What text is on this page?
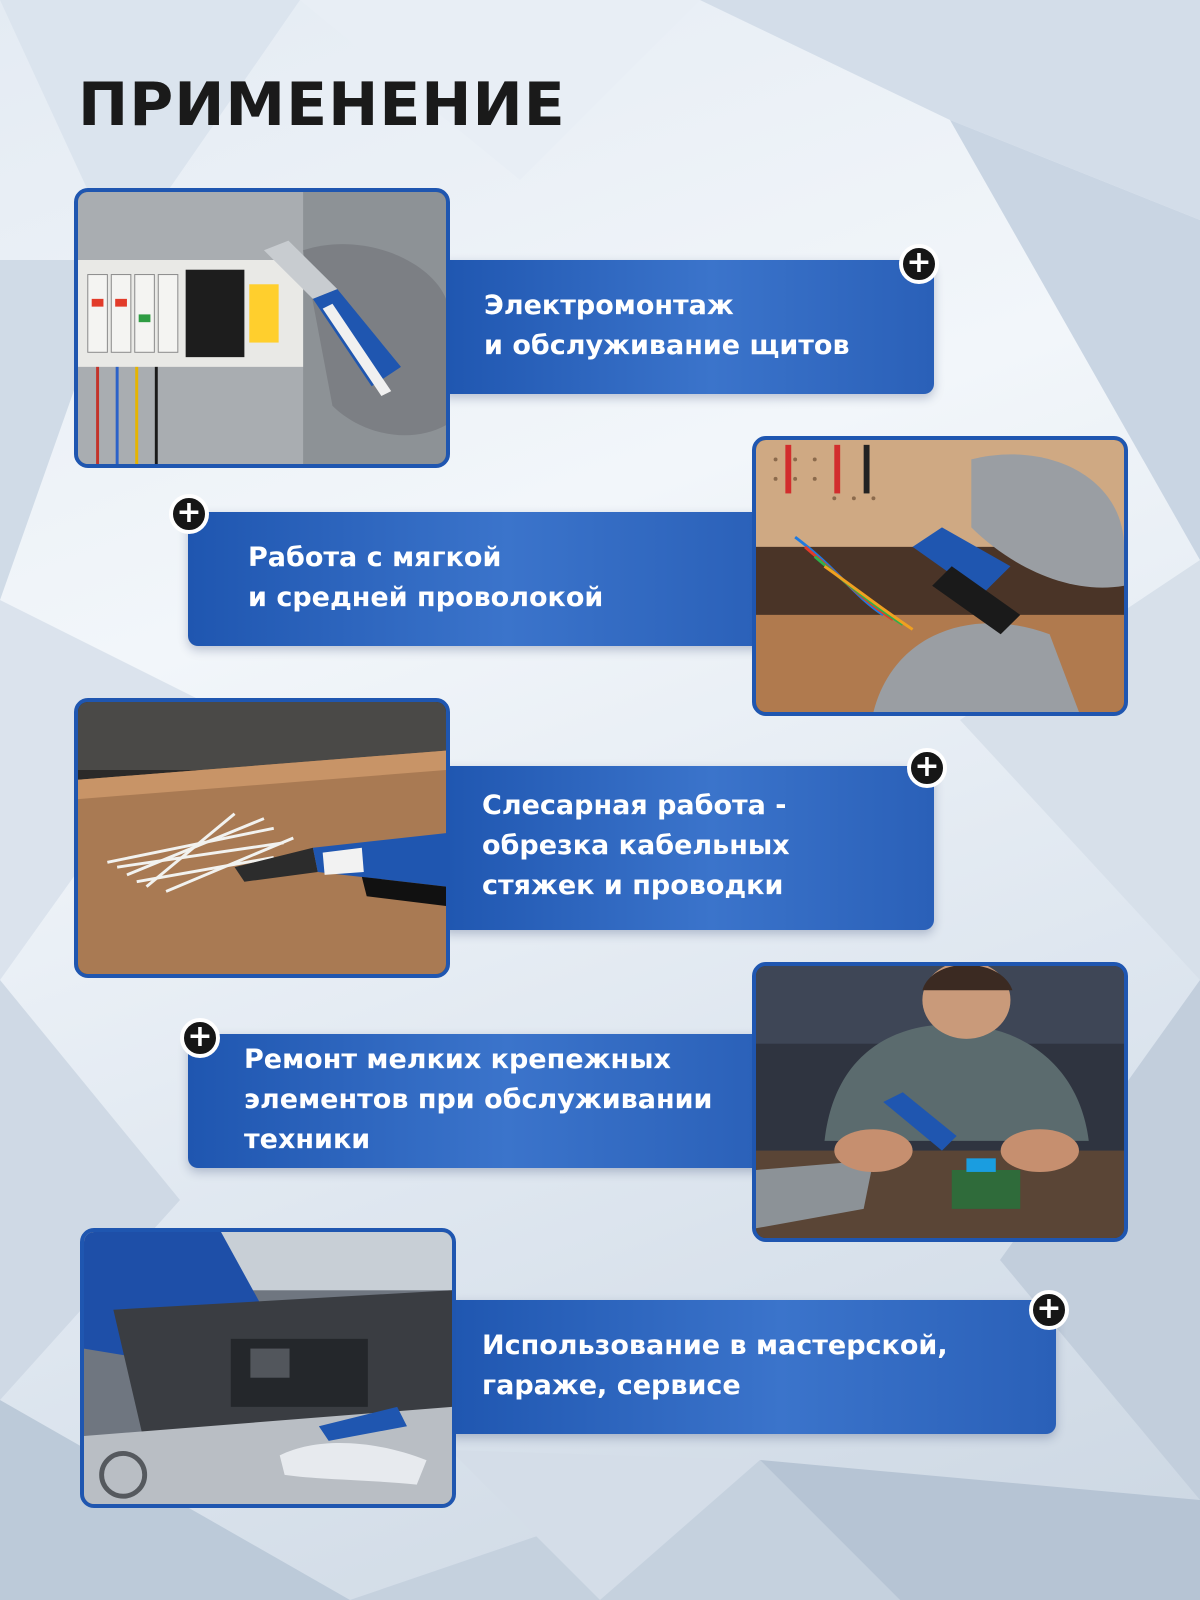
ПРИМЕНЕНИЕ
Электромонтаж
и обслуживание щитов
+
Работа с мягкой
и средней проволокой
+
Слесарная работа -
обрезка кабельных
стяжек и проводки
+
Ремонт мелких крепежных
элементов при обслуживании
техники
+
Использование в мастерской,
гараже, сервисе
+
